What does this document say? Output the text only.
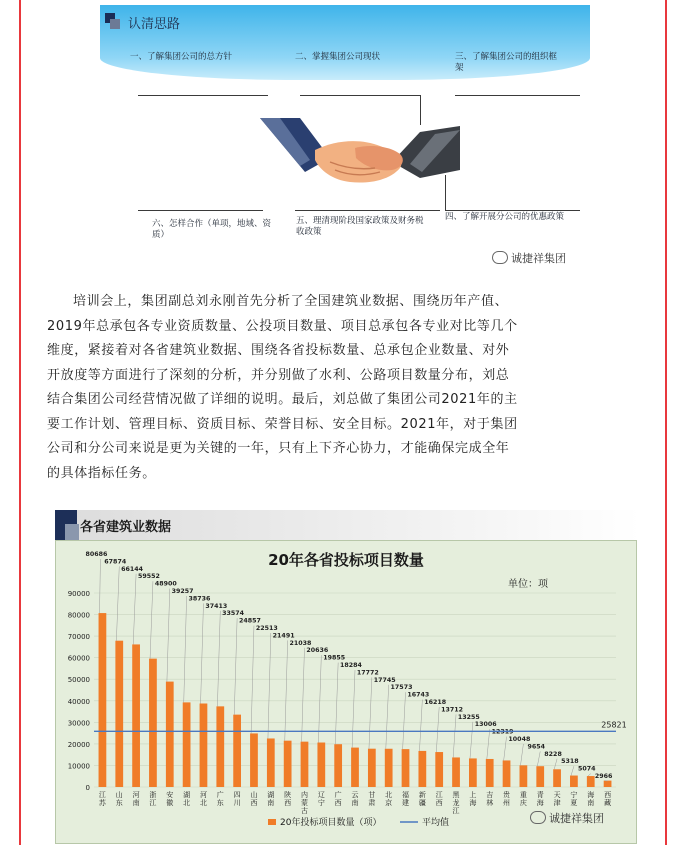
认清思路
一、了解集团公司的总方针	二、掌握集团公司现状	三、了解集团公司的组织框架
四、了解开展分公司的优惠政策
五、理清现阶段国家政策及财务税收政策
六、怎样合作（单项，地域、资质）
诚捷祥集团
培训会上，集团副总刘永刚首先分析了全国建筑业数据、围绕历年产值、
2019年总承包各专业资质数量、公投项目数量、项目总承包各专业对比等几个
维度，紧接着对各省建筑业数据、围绕各省投标数量、总承包企业数量、对外
开放度等方面进行了深刻的分析，并分别做了水利、公路项目数量分布，刘总
结合集团公司经营情况做了详细的说明。最后，刘总做了集团公司2021年的主
要工作计划、管理目标、资质目标、荣誉目标、安全目标。2021年，对于集团
公司和分公司来说是更为关键的一年，只有上下齐心协力，才能确保完成全年
的具体指标任务。
各省建筑业数据
20年各省投标项目数量
单位：项
0
10000
20000
30000
40000
50000
60000
70000
80000
90000
80686
67874
66144
59552
48900
39257
38736
37413
33574
24857
22513
21491
21038
20636
19855
18284
17772
17745
17573
16743
16218
13712
13255
13006
12319
10048
9654
8228
5318
5074
2966
江
苏
山
东
河
南
浙
江
安
徽
湖
北
河
北
广
东
四
川
山
西
湖
南
陕
西
内
蒙
古
辽
宁
广
西
云
南
甘
肃
北
京
福
建
新
疆
江
西
黑
龙
江
上
海
吉
林
贵
州
重
庆
青
海
天
津
宁
夏
海
南
西
藏
25821
20年投标项目数量（项）	平均值	诚捷祥集团
